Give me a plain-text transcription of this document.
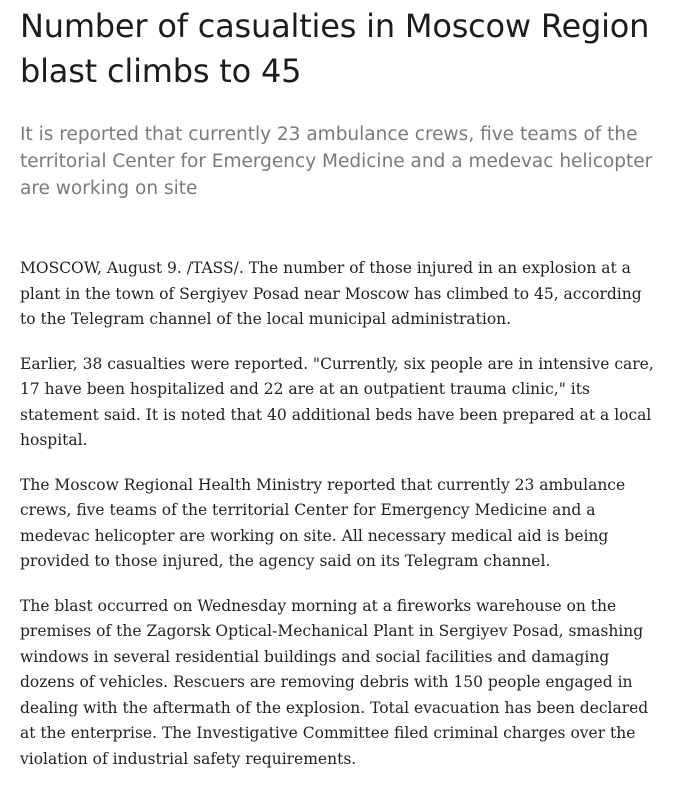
Number of casualties in Moscow Region blast climbs to 45
It is reported that currently 23 ambulance crews, five teams of the territorial Center for Emergency Medicine and a medevac helicopter are working on site

MOSCOW, August 9. /TASS/. The number of those injured in an explosion at a plant in the town of Sergiyev Posad near Moscow has climbed to 45, according to the Telegram channel of the local municipal administration.

Earlier, 38 casualties were reported. "Currently, six people are in intensive care, 17 have been hospitalized and 22 are at an outpatient trauma clinic," its statement said. It is noted that 40 additional beds have been prepared at a local hospital.

The Moscow Regional Health Ministry reported that currently 23 ambulance crews, five teams of the territorial Center for Emergency Medicine and a medevac helicopter are working on site. All necessary medical aid is being provided to those injured, the agency said on its Telegram channel.

The blast occurred on Wednesday morning at a fireworks warehouse on the premises of the Zagorsk Optical-Mechanical Plant in Sergiyev Posad, smashing windows in several residential buildings and social facilities and damaging dozens of vehicles. Rescuers are removing debris with 150 people engaged in dealing with the aftermath of the explosion. Total evacuation has been declared at the enterprise. The Investigative Committee filed criminal charges over the violation of industrial safety requirements.
